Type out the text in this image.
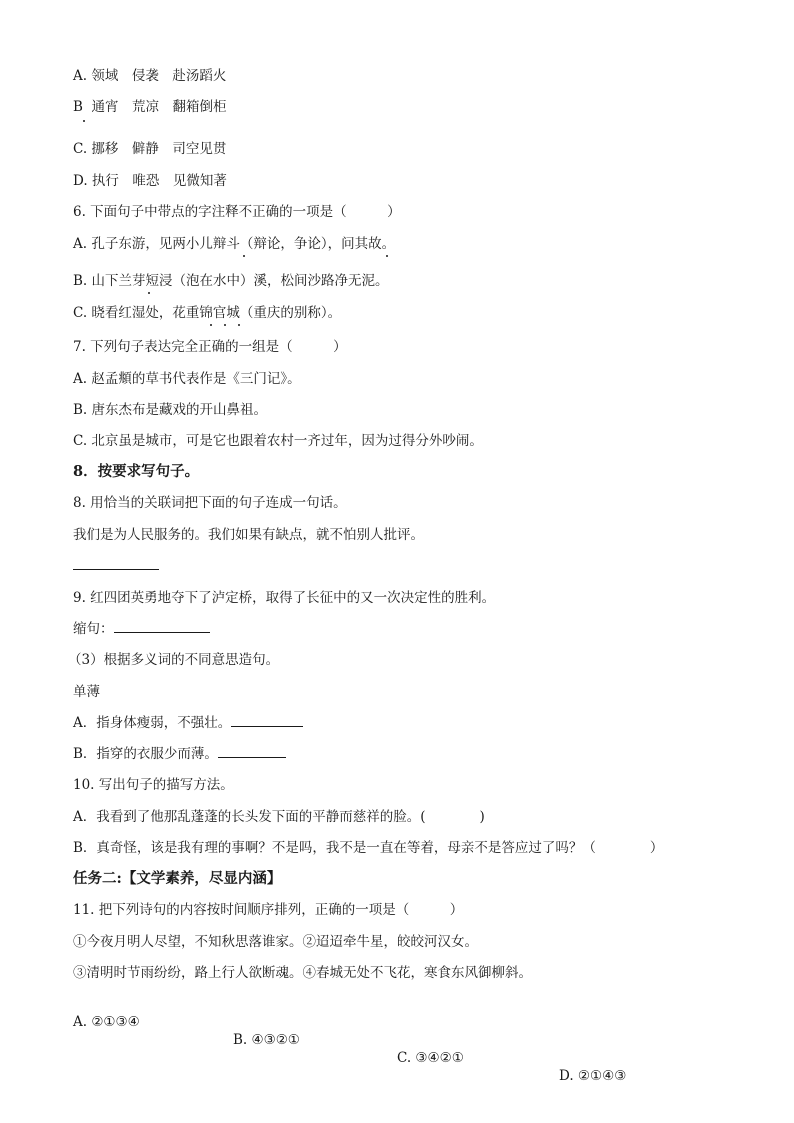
A. 领域　侵袭　赴汤蹈火
B  通宵　荒凉　翻箱倒柜
C. 挪移　僻静　司空见贯
D. 执行　唯恐　见微知著
6. 下面句子中带点的字注释不正确的一项是（　　　）
A. 孔子东游，见两小儿辩斗（辩论，争论），问其故。
B. 山下兰芽短浸（泡在水中）溪，松间沙路净无泥。
C. 晓看红湿处，花重锦官城（重庆的别称）。
7. 下列句子表达完全正确的一组是（　　　）
A. 赵孟頫的草书代表作是《三门记》。
B. 唐东杰布是藏戏的开山鼻祖。
C. 北京虽是城市，可是它也跟着农村一齐过年，因为过得分外吵闹。
8．按要求写句子。
8. 用恰当的关联词把下面的句子连成一句话。
我们是为人民服务的。我们如果有缺点，就不怕别人批评。
9. 红四团英勇地夺下了泸定桥，取得了长征中的又一次决定性的胜利。
缩句：
（3）根据多义词的不同意思造句。
单薄
A．指身体瘦弱，不强壮。
B．指穿的衣服少而薄。
10. 写出句子的描写方法。
A．我看到了他那乱蓬蓬的长头发下面的平静而慈祥的脸。(　　　　)
B．真奇怪，该是我有理的事啊？不是吗，我不是一直在等着，母亲不是答应过了吗？（　　　　）
任务二:【文学素养，尽显内涵】
11. 把下列诗句的内容按时间顺序排列，正确的一项是（　　　）
①今夜月明人尽望，不知秋思落谁家。②迢迢牵牛星，皎皎河汉女。
③清明时节雨纷纷，路上行人欲断魂。④春城无处不飞花，寒食东风御柳斜。

A. ②①③④

B. ④③②①

C. ③④②①

D. ②①④③
